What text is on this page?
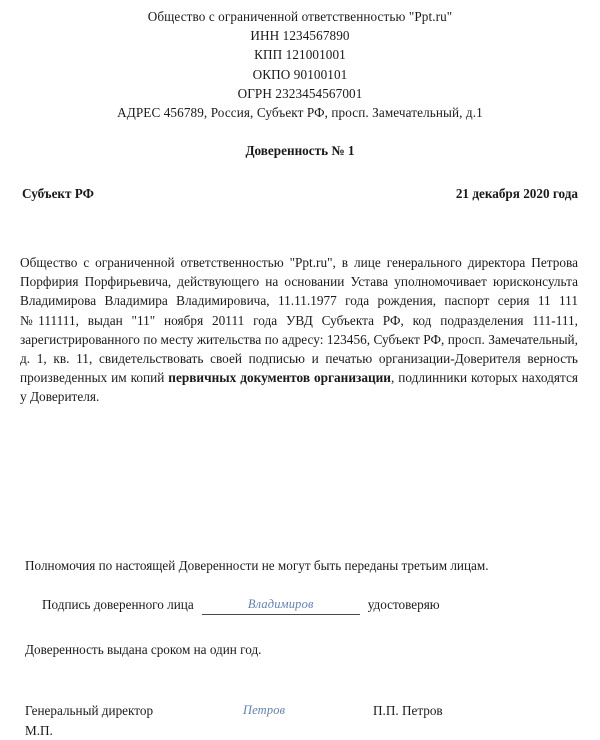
Общество с ограниченной ответственностью "Ppt.ru"
ИНН 1234567890
КПП 121001001
ОКПО 90100101
ОГРН 2323454567001
АДРЕС 456789, Россия, Субъект РФ, просп. Замечательный, д.1
Доверенность № 1
Субъект РФ	21 декабря 2020 года

Общество с ограниченной ответственностью "Ppt.ru", в лице генерального директора Петрова Порфирия Порфирьевича, действующего на основании Устава уполномочивает юрисконсульта Владимирова Владимира Владимировича, 11.11.1977 года рождения, паспорт серия 11 111 №111111, выдан "11" ноября 20111 года УВД Субъекта РФ, код подразделения 111-111, зарегистрированного по месту жительства по адресу: 123456, Субъект РФ, просп. Замечательный, д. 1, кв. 11, свидетельствовать своей подписью и печатью организации-Доверителя верность произведенных им копий первичных документов организации, подлинники которых находятся у Доверителя.

Полномочия по настоящей Доверенности не могут быть переданы третьим лицам.
Подпись доверенного лица	Владимиров	удостоверяю
Доверенность выдана сроком на один год.
Генеральный директор	Петров	П.П. Петров
М.П.
